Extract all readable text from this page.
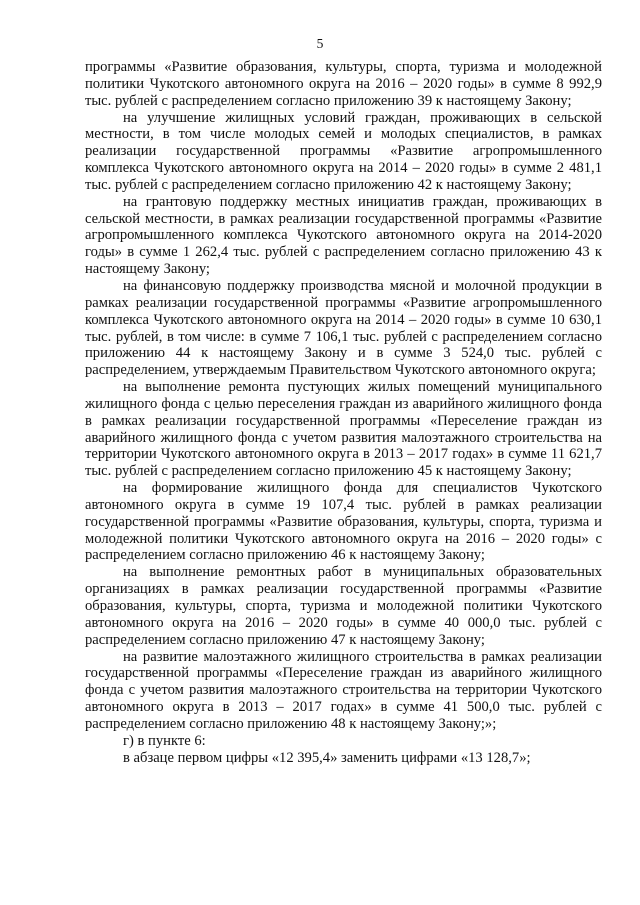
5

программы «Развитие образования, культуры, спорта, туризма и молодежной политики Чукотского автономного округа на 2016 – 2020 годы» в сумме 8 992,9 тыс. рублей с распределением согласно приложению 39 к настоящему Закону;

на улучшение жилищных условий граждан, проживающих в сельской местности, в том числе молодых семей и молодых специалистов, в рамках реализации государственной программы «Развитие агропромышленного комплекса Чукотского автономного округа на 2014 – 2020 годы» в сумме 2 481,1 тыс. рублей с распределением согласно приложению 42 к настоящему Закону;

на грантовую поддержку местных инициатив граждан, проживающих в сельской местности, в рамках реализации государственной программы «Развитие агропромышленного комплекса Чукотского автономного округа на 2014-2020 годы» в сумме 1 262,4 тыс. рублей с распределением согласно приложению 43 к настоящему Закону;

на финансовую поддержку производства мясной и молочной продукции в рамках реализации государственной программы «Развитие агропромышленного комплекса Чукотского автономного округа на 2014 – 2020 годы» в сумме 10 630,1 тыс. рублей, в том числе: в сумме 7 106,1 тыс. рублей с распределением согласно приложению 44 к настоящему Закону и в сумме 3 524,0 тыс. рублей с распределением, утверждаемым Правительством Чукотского автономного округа;

на выполнение ремонта пустующих жилых помещений муниципального жилищного фонда с целью переселения граждан из аварийного жилищного фонда в рамках реализации государственной программы «Переселение граждан из аварийного жилищного фонда с учетом развития малоэтажного строительства на территории Чукотского автономного округа в 2013 – 2017 годах» в сумме 11 621,7 тыс. рублей с распределением согласно приложению 45 к настоящему Закону;

на формирование жилищного фонда для специалистов Чукотского автономного округа в сумме 19 107,4 тыс. рублей в рамках реализации государственной программы «Развитие образования, культуры, спорта, туризма и молодежной политики Чукотского автономного округа на 2016 – 2020 годы» с распределением согласно приложению 46 к настоящему Закону;

на выполнение ремонтных работ в муниципальных образовательных организациях в рамках реализации государственной программы «Развитие образования, культуры, спорта, туризма и молодежной политики Чукотского автономного округа на 2016 – 2020 годы» в сумме 40 000,0 тыс. рублей с распределением согласно приложению 47 к настоящему Закону;

на развитие малоэтажного жилищного строительства в рамках реализации государственной программы «Переселение граждан из аварийного жилищного фонда с учетом развития малоэтажного строительства на территории Чукотского автономного округа в 2013 – 2017 годах» в сумме 41 500,0 тыс. рублей с распределением согласно приложению 48 к настоящему Закону;»;

г) в пункте 6:

в абзаце первом цифры «12 395,4» заменить цифрами «13 128,7»;
